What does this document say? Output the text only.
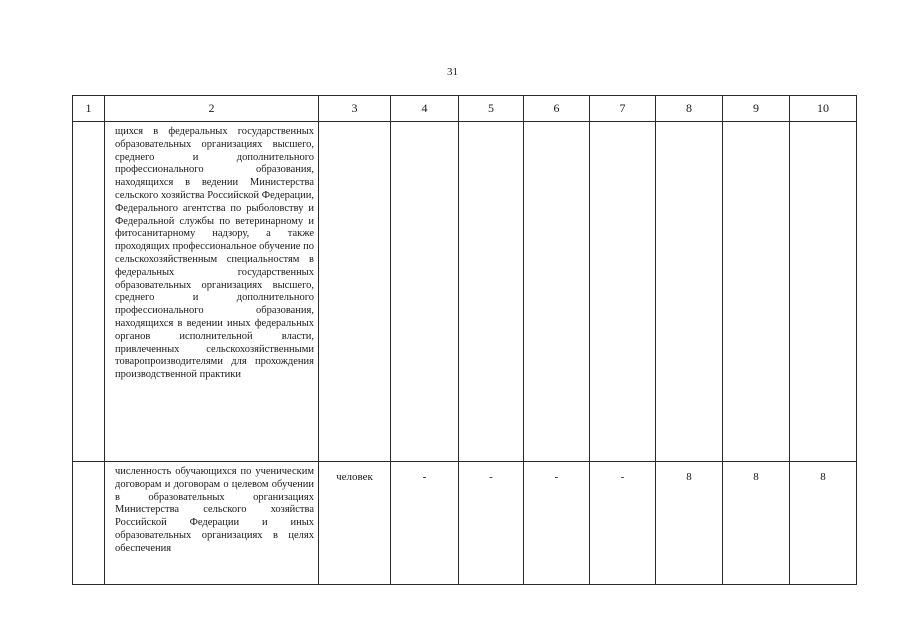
31
1	2	3	4	5	6	7	8	9	10
	щихся в федеральных государственных образовательных организациях высшего, среднего и дополнительного профессионального образования, находящихся в ведении Министерства сельского хозяйства Российской Федерации, Федерального агентства по рыболовству и Федеральной службы по ветеринарному и фитосанитарному надзору, а также проходящих профессиональное обучение по сельскохозяйственным специальностям в федеральных государственных образовательных организациях высшего, среднего и дополнительного профессионального образования, находящихся в ведении иных федеральных органов исполнительной власти, привлеченных сельскохозяйственными товаропроизводителями для прохождения производственной практики								
	численность обучающихся по ученическим договорам и договорам о целевом обучении в образовательных организациях Министерства сельского хозяйства Российской Федерации и иных образовательных организациях в целях обеспечения	человек	-	-	-	-	8	8	8
